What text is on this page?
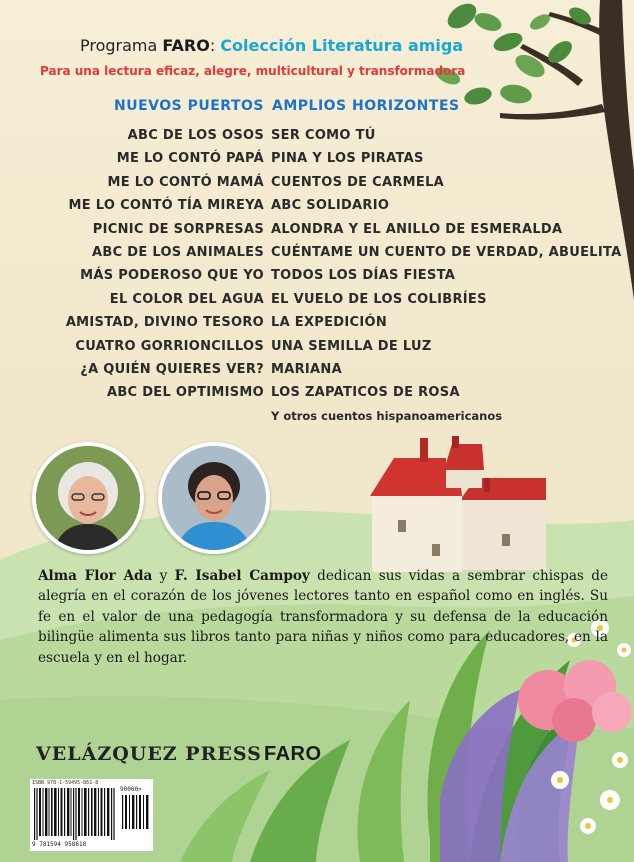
Programa FARO: Colección Literatura amiga
Para una lectura eficaz, alegre, multicultural y transformadora
NUEVOS PUERTOS
ABC DE LOS OSOS
ME LO CONTÓ PAPÁ
ME LO CONTÓ MAMÁ
ME LO CONTÓ TÍA MIREYA
PICNIC DE SORPRESAS
ABC DE LOS ANIMALES
MÁS PODEROSO QUE YO
EL COLOR DEL AGUA
AMISTAD, DIVINO TESORO
CUATRO GORRIONCILLOS
¿A QUIÉN QUIERES VER?
ABC DEL OPTIMISMO
AMPLIOS HORIZONTES
SER COMO TÚ
PINA Y LOS PIRATAS
CUENTOS DE CARMELA
ABC SOLIDARIO
ALONDRA Y EL ANILLO DE ESMERALDA
CUÉNTAME UN CUENTO DE VERDAD, ABUELITA
TODOS LOS DÍAS FIESTA
EL VUELO DE LOS COLIBRÍES
LA EXPEDICIÓN
UNA SEMILLA DE LUZ
MARIANA
LOS ZAPATICOS DE ROSA
Y otros cuentos hispanoamericanos
Alma Flor Ada y F. Isabel Campoy dedican sus vidas a sembrar chispas de alegría en el corazón de los jóvenes lectores tanto en español como en inglés. Su fe en el valor de una pedagogía transformadora y su defensa de la educación bilingüe alimenta sus libros tanto para niñas y niños como para educadores, en la escuela y en el hogar.
VELÁZQUEZ PRESS FARO
ISBN 978-1-59495-861-8
90000>
9 781594 958618
